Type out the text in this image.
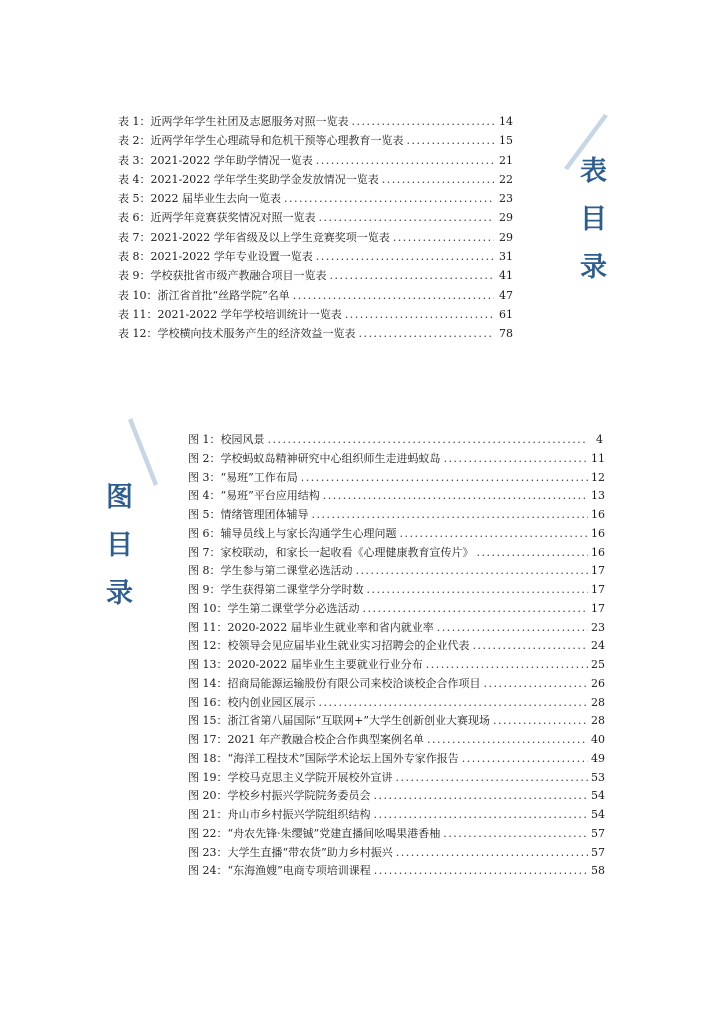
表 1：近两学年学生社团及志愿服务对照一览表 .....	14
表 2：近两学年学生心理疏导和危机干预等心理教育一览表 .....	15
表 3：2021-2022 学年助学情况一览表 .....	21
表 4：2021-2022 学年学生奖助学金发放情况一览表 .....	22
表 5：2022 届毕业生去向一览表 .....	23
表 6：近两学年竞赛获奖情况对照一览表 .....	29
表 7：2021-2022 学年省级及以上学生竞赛奖项一览表 .....	29
表 8：2021-2022 学年专业设置一览表 .....	31
表 9：学校获批省市级产教融合项目一览表 .....	41
表 10：浙江省首批“丝路学院”名单 .....	47
表 11：2021-2022 学年学校培训统计一览表 .....	61
表 12：学校横向技术服务产生的经济效益一览表 .....	78
表
目
录
图 1：校园风景 .....	4
图 2：学校蚂蚁岛精神研究中心组织师生走进蚂蚁岛 .....	11
图 3：“易班”工作布局 .....	12
图 4：“易班”平台应用结构 .....	13
图 5：情绪管理团体辅导 .....	16
图 6：辅导员线上与家长沟通学生心理问题 .....	16
图 7：家校联动，和家长一起收看《心理健康教育宣传片》 .....	16
图 8：学生参与第二课堂必选活动 .....	17
图 9：学生获得第二课堂学分学时数 .....	17
图 10：学生第二课堂学分必选活动 .....	17
图 11：2020-2022 届毕业生就业率和省内就业率 .....	23
图 12：校领导会见应届毕业生就业实习招聘会的企业代表 .....	24
图 13：2020-2022 届毕业生主要就业行业分布 .....	25
图 14：招商局能源运输股份有限公司来校洽谈校企合作项目 .....	26
图 16：校内创业园区展示 .....	28
图 15：浙江省第八届国际“互联网+”大学生创新创业大赛现场 .....	28
图 17：2021 年产教融合校企合作典型案例名单 .....	40
图 18：“海洋工程技术”国际学术论坛上国外专家作报告 .....	49
图 19：学校马克思主义学院开展校外宣讲 .....	53
图 20：学校乡村振兴学院院务委员会 .....	54
图 21：舟山市乡村振兴学院组织结构 .....	54
图 22：“舟农先锋·朱缨铖”党建直播间吆喝果港香柚 .....	57
图 23：大学生直播“带农货”助力乡村振兴 .....	57
图 24：“东海渔嫂”电商专项培训课程 .....	58
图
目
录
